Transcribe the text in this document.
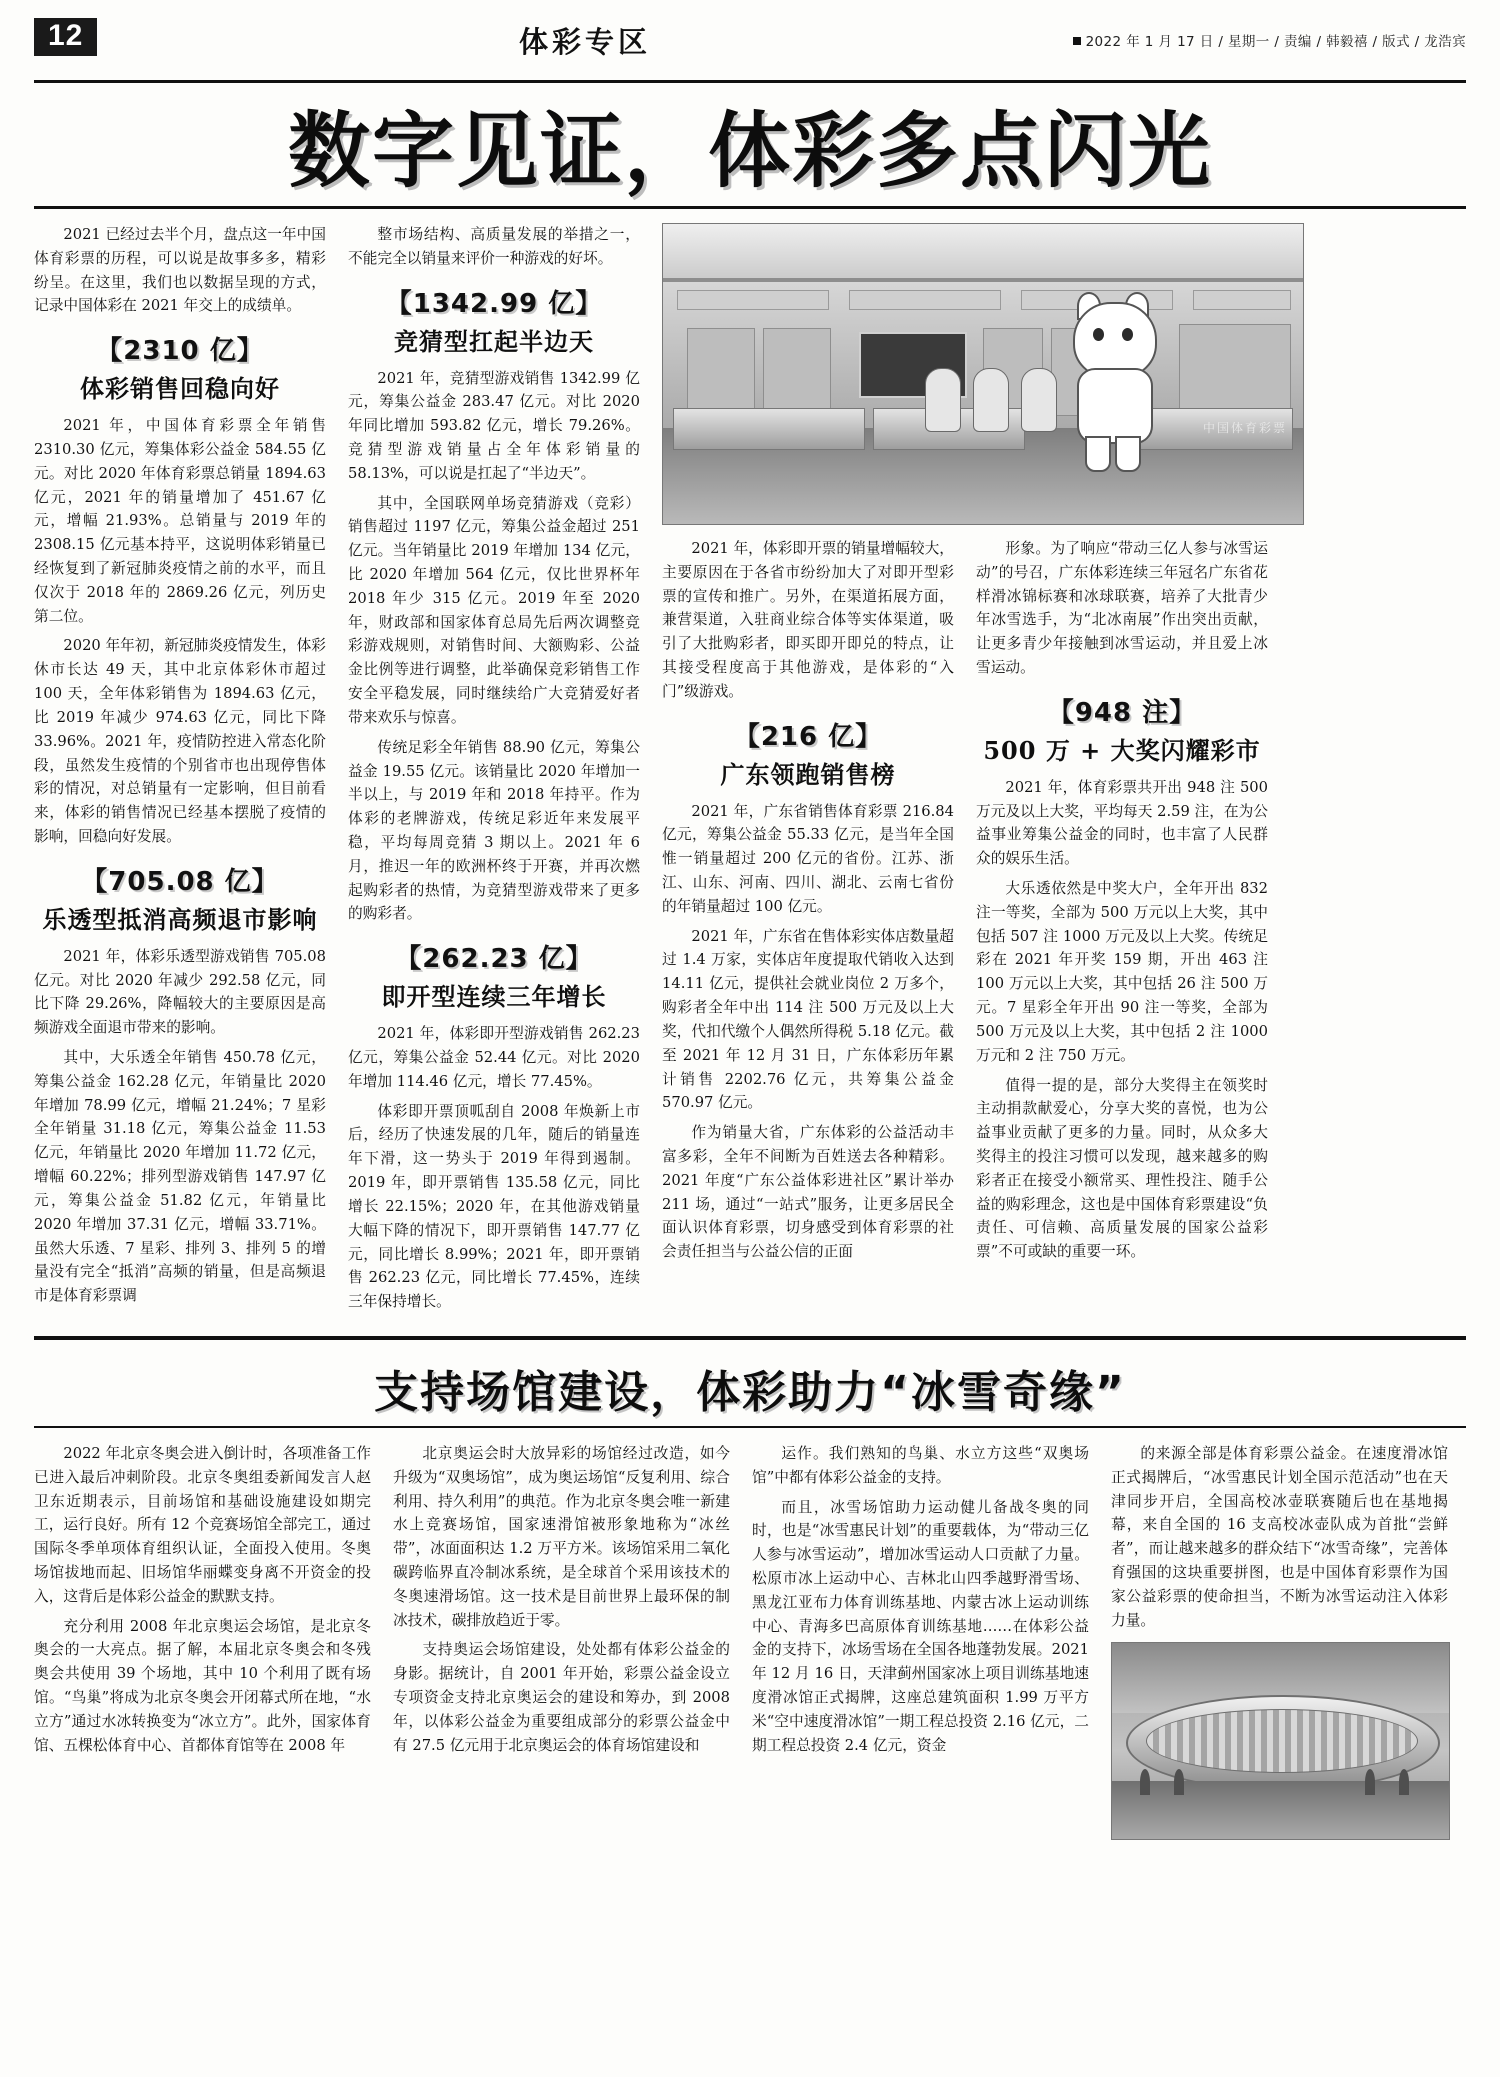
12	体彩专区	2022 年 1 月 17 日 / 星期一 / 责编 / 韩毅禧 / 版式 / 龙浩宾
数字见证，体彩多点闪光

2021 已经过去半个月，盘点这一年中国体育彩票的历程，可以说是故事多多，精彩纷呈。在这里，我们也以数据呈现的方式，记录中国体彩在 2021 年交上的成绩单。

【2310 亿】
体彩销售回稳向好

2021 年，中国体育彩票全年销售 2310.30 亿元，筹集体彩公益金 584.55 亿元。对比 2020 年体育彩票总销量 1894.63 亿元，2021 年的销量增加了 451.67 亿元，增幅 21.93%。总销量与 2019 年的 2308.15 亿元基本持平，这说明体彩销量已经恢复到了新冠肺炎疫情之前的水平，而且仅次于 2018 年的 2869.26 亿元，列历史第二位。

2020 年年初，新冠肺炎疫情发生，体彩休市长达 49 天，其中北京体彩休市超过 100 天，全年体彩销售为 1894.63 亿元，比 2019 年减少 974.63 亿元，同比下降 33.96%。2021 年，疫情防控进入常态化阶段，虽然发生疫情的个别省市也出现停售体彩的情况，对总销量有一定影响，但目前看来，体彩的销售情况已经基本摆脱了疫情的影响，回稳向好发展。

【705.08 亿】
乐透型抵消高频退市影响

2021 年，体彩乐透型游戏销售 705.08 亿元。对比 2020 年减少 292.58 亿元，同比下降 29.26%，降幅较大的主要原因是高频游戏全面退市带来的影响。

其中，大乐透全年销售 450.78 亿元，筹集公益金 162.28 亿元，年销量比 2020 年增加 78.99 亿元，增幅 21.24%；7 星彩全年销量 31.18 亿元，筹集公益金 11.53 亿元，年销量比 2020 年增加 11.72 亿元，增幅 60.22%；排列型游戏销售 147.97 亿元，筹集公益金 51.82 亿元，年销量比 2020 年增加 37.31 亿元，增幅 33.71%。虽然大乐透、7 星彩、排列 3、排列 5 的增量没有完全“抵消”高频的销量，但是高频退市是体育彩票调

整市场结构、高质量发展的举措之一，不能完全以销量来评价一种游戏的好坏。

【1342.99 亿】
竞猜型扛起半边天

2021 年，竞猜型游戏销售 1342.99 亿元，筹集公益金 283.47 亿元。对比 2020 年同比增加 593.82 亿元，增长 79.26%。竞猜型游戏销量占全年体彩销量的 58.13%，可以说是扛起了“半边天”。

其中，全国联网单场竞猜游戏（竞彩）销售超过 1197 亿元，筹集公益金超过 251 亿元。当年销量比 2019 年增加 134 亿元，比 2020 年增加 564 亿元，仅比世界杯年 2018 年少 315 亿元。2019 年至 2020 年，财政部和国家体育总局先后两次调整竞彩游戏规则，对销售时间、大额购彩、公益金比例等进行调整，此举确保竞彩销售工作安全平稳发展，同时继续给广大竞猜爱好者带来欢乐与惊喜。

传统足彩全年销售 88.90 亿元，筹集公益金 19.55 亿元。该销量比 2020 年增加一半以上，与 2019 年和 2018 年持平。作为体彩的老牌游戏，传统足彩近年来发展平稳，平均每周竞猜 3 期以上。2021 年 6 月，推迟一年的欧洲杯终于开赛，并再次燃起购彩者的热情，为竞猜型游戏带来了更多的购彩者。

【262.23 亿】
即开型连续三年增长

2021 年，体彩即开型游戏销售 262.23 亿元，筹集公益金 52.44 亿元。对比 2020 年增加 114.46 亿元，增长 77.45%。

体彩即开票顶呱刮自 2008 年焕新上市后，经历了快速发展的几年，随后的销量连年下滑，这一势头于 2019 年得到遏制。2019 年，即开票销售 135.58 亿元，同比增长 22.15%；2020 年，在其他游戏销量大幅下降的情况下，即开票销售 147.77 亿元，同比增长 8.99%；2021 年，即开票销售 262.23 亿元，同比增长 77.45%，连续三年保持增长。

中国体育彩票

2021 年，体彩即开票的销量增幅较大，主要原因在于各省市纷纷加大了对即开型彩票的宣传和推广。另外，在渠道拓展方面，兼营渠道，入驻商业综合体等实体渠道，吸引了大批购彩者，即买即开即兑的特点，让其接受程度高于其他游戏，是体彩的“入门”级游戏。

【216 亿】
广东领跑销售榜

2021 年，广东省销售体育彩票 216.84 亿元，筹集公益金 55.33 亿元，是当年全国惟一销量超过 200 亿元的省份。江苏、浙江、山东、河南、四川、湖北、云南七省份的年销量超过 100 亿元。

2021 年，广东省在售体彩实体店数量超过 1.4 万家，实体店年度提取代销收入达到 14.11 亿元，提供社会就业岗位 2 万多个，购彩者全年中出 114 注 500 万元及以上大奖，代扣代缴个人偶然所得税 5.18 亿元。截至 2021 年 12 月 31 日，广东体彩历年累计销售 2202.76 亿元，共筹集公益金 570.97 亿元。

作为销量大省，广东体彩的公益活动丰富多彩，全年不间断为百姓送去各种精彩。2021 年度“广东公益体彩进社区”累计举办 211 场，通过“一站式”服务，让更多居民全面认识体育彩票，切身感受到体育彩票的社会责任担当与公益公信的正面

形象。为了响应“带动三亿人参与冰雪运动”的号召，广东体彩连续三年冠名广东省花样滑冰锦标赛和冰球联赛，培养了大批青少年冰雪选手，为“北冰南展”作出突出贡献，让更多青少年接触到冰雪运动，并且爱上冰雪运动。

【948 注】
500 万 + 大奖闪耀彩市

2021 年，体育彩票共开出 948 注 500 万元及以上大奖，平均每天 2.59 注，在为公益事业筹集公益金的同时，也丰富了人民群众的娱乐生活。

大乐透依然是中奖大户，全年开出 832 注一等奖，全部为 500 万元以上大奖，其中包括 507 注 1000 万元及以上大奖。传统足彩在 2021 年开奖 159 期，开出 463 注 100 万元以上大奖，其中包括 26 注 500 万元。7 星彩全年开出 90 注一等奖，全部为 500 万元及以上大奖，其中包括 2 注 1000 万元和 2 注 750 万元。

值得一提的是，部分大奖得主在领奖时主动捐款献爱心，分享大奖的喜悦，也为公益事业贡献了更多的力量。同时，从众多大奖得主的投注习惯可以发现，越来越多的购彩者正在接受小额常买、理性投注、随手公益的购彩理念，这也是中国体育彩票建设“负责任、可信赖、高质量发展的国家公益彩票”不可或缺的重要一环。

支持场馆建设，体彩助力“冰雪奇缘”

2022 年北京冬奥会进入倒计时，各项准备工作已进入最后冲刺阶段。北京冬奥组委新闻发言人赵卫东近期表示，目前场馆和基础设施建设如期完工，运行良好。所有 12 个竞赛场馆全部完工，通过国际冬季单项体育组织认证，全面投入使用。冬奥场馆拔地而起、旧场馆华丽蝶变身离不开资金的投入，这背后是体彩公益金的默默支持。

充分利用 2008 年北京奥运会场馆，是北京冬奥会的一大亮点。据了解，本届北京冬奥会和冬残奥会共使用 39 个场地，其中 10 个利用了既有场馆。“鸟巢”将成为北京冬奥会开闭幕式所在地，“水立方”通过水冰转换变为“冰立方”。此外，国家体育馆、五棵松体育中心、首都体育馆等在 2008 年

北京奥运会时大放异彩的场馆经过改造，如今升级为“双奥场馆”，成为奥运场馆“反复利用、综合利用、持久利用”的典范。作为北京冬奥会唯一新建水上竞赛场馆，国家速滑馆被形象地称为“冰丝带”，冰面面积达 1.2 万平方米。该场馆采用二氧化碳跨临界直冷制冰系统，是全球首个采用该技术的冬奥速滑场馆。这一技术是目前世界上最环保的制冰技术，碳排放趋近于零。

支持奥运会场馆建设，处处都有体彩公益金的身影。据统计，自 2001 年开始，彩票公益金设立专项资金支持北京奥运会的建设和筹办，到 2008 年，以体彩公益金为重要组成部分的彩票公益金中有 27.5 亿元用于北京奥运会的体育场馆建设和

运作。我们熟知的鸟巢、水立方这些“双奥场馆”中都有体彩公益金的支持。

而且，冰雪场馆助力运动健儿备战冬奥的同时，也是“冰雪惠民计划”的重要载体，为“带动三亿人参与冰雪运动”，增加冰雪运动人口贡献了力量。松原市冰上运动中心、吉林北山四季越野滑雪场、黑龙江亚布力体育训练基地、内蒙古冰上运动训练中心、青海多巴高原体育训练基地……在体彩公益金的支持下，冰场雪场在全国各地蓬勃发展。2021 年 12 月 16 日，天津蓟州国家冰上项目训练基地速度滑冰馆正式揭牌，这座总建筑面积 1.99 万平方米“空中速度滑冰馆”一期工程总投资 2.16 亿元，二期工程总投资 2.4 亿元，资金

的来源全部是体育彩票公益金。在速度滑冰馆正式揭牌后，“冰雪惠民计划全国示范活动”也在天津同步开启，全国高校冰壶联赛随后也在基地揭幕，来自全国的 16 支高校冰壶队成为首批“尝鲜者”，而让越来越多的群众结下“冰雪奇缘”，完善体育强国的这块重要拼图，也是中国体育彩票作为国家公益彩票的使命担当，不断为冰雪运动注入体彩力量。
